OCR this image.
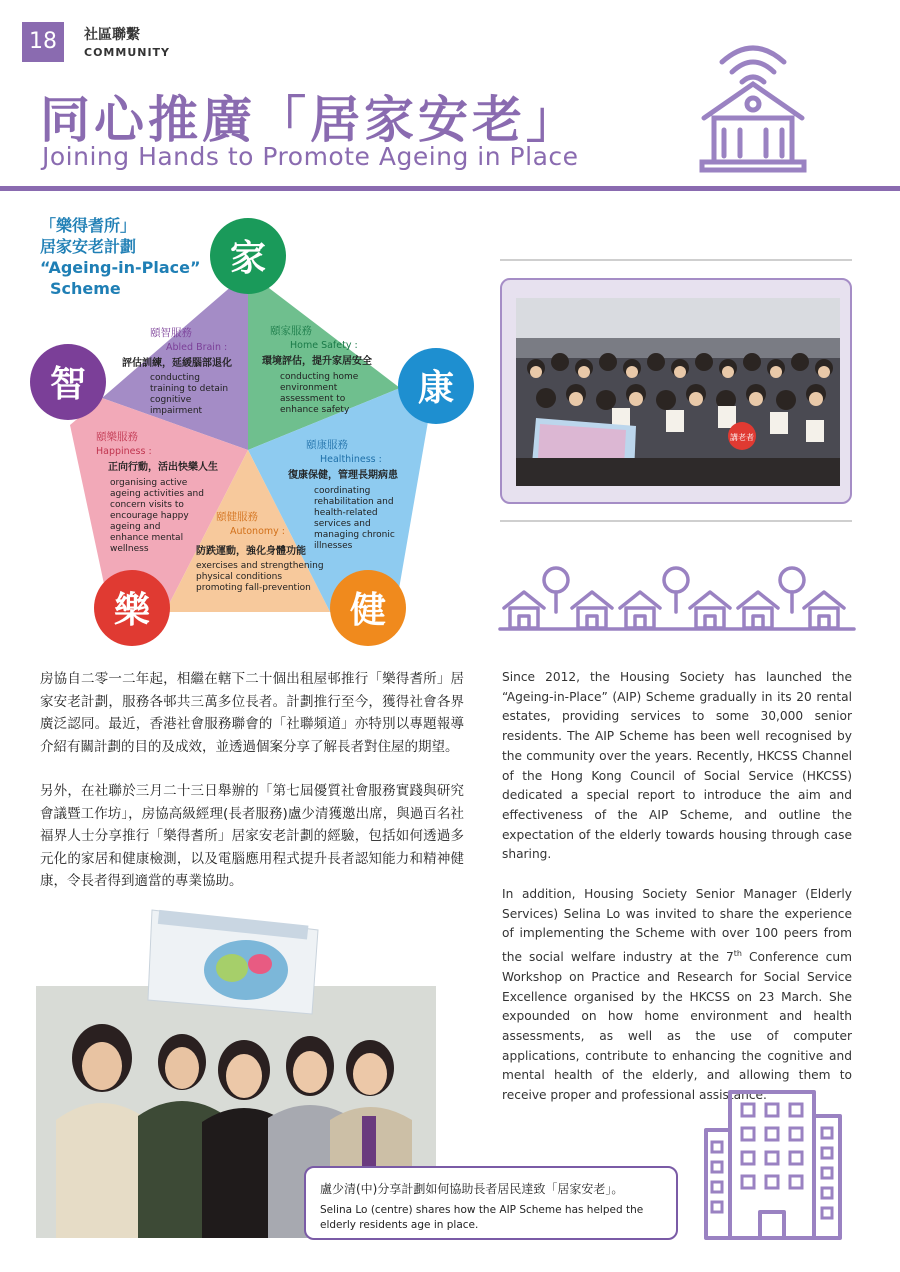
18	社區聯繫
COMMUNITY
同心推廣「居家安老」
Joining Hands to Promote Ageing in Place
「樂得耆所」
居家安老計劃
“Ageing-in-Place”
Scheme
家
康
智
樂	健
頤智服務
Abled Brain :
評估訓練，延緩腦部退化
conducting
training to detain
cognitive
impairment
頤家服務
Home Safety :
環境評估，提升家居安全
conducting home
environment
assessment to
enhance safety
頤樂服務
Happiness :
正向行動，活出快樂人生
organising active
ageing activities and
concern visits to
encourage happy
ageing and
enhance mental
wellness
頤康服務
Healthiness :
復康保健，管理長期病患
coordinating
rehabilitation and
health-related
services and
managing chronic
illnesses
頤健服務
Autonomy :
防跌運動，強化身體功能
exercises and strengthening
physical conditions
promoting fall-prevention
講老者

房協自二零一二年起，相繼在轄下二十個出租屋邨推行「樂得耆所」居家安老計劃，服務各邨共三萬多位長者。計劃推行至今，獲得社會各界廣泛認同。最近，香港社會服務聯會的「社聯頻道」亦特別以專題報導介紹有關計劃的目的及成效，並透過個案分享了解長者對住屋的期望。

另外，在社聯於三月二十三日舉辦的「第七屆優質社會服務實踐與研究會議暨工作坊」，房協高級經理(長者服務)盧少清獲邀出席，與過百名社福界人士分享推行「樂得耆所」居家安老計劃的經驗，包括如何透過多元化的家居和健康檢測，以及電腦應用程式提升長者認知能力和精神健康，令長者得到適當的專業協助。

Since 2012, the Housing Society has launched the “Ageing-in-Place” (AIP) Scheme gradually in its 20 rental estates, providing services to some 30,000 senior residents. The AIP Scheme has been well recognised by the community over the years. Recently, HKCSS Channel of the Hong Kong Council of Social Service (HKCSS) dedicated a special report to introduce the aim and effectiveness of the AIP Scheme, and outline the expectation of the elderly towards housing through case sharing.

In addition, Housing Society Senior Manager (Elderly Services) Selina Lo was invited to share the experience of implementing the Scheme with over 100 peers from the social welfare industry at the 7th Conference cum Workshop on Practice and Research for Social Service Excellence organised by the HKCSS on 23 March. She expounded on how home environment and health assessments, as well as the use of computer applications, contribute to enhancing the cognitive and mental health of the elderly, and allowing them to receive proper and professional assistance.

盧少清(中)分享計劃如何協助長者居民達致「居家安老」。
Selina Lo (centre) shares how the AIP Scheme has helped the elderly residents age in place.
